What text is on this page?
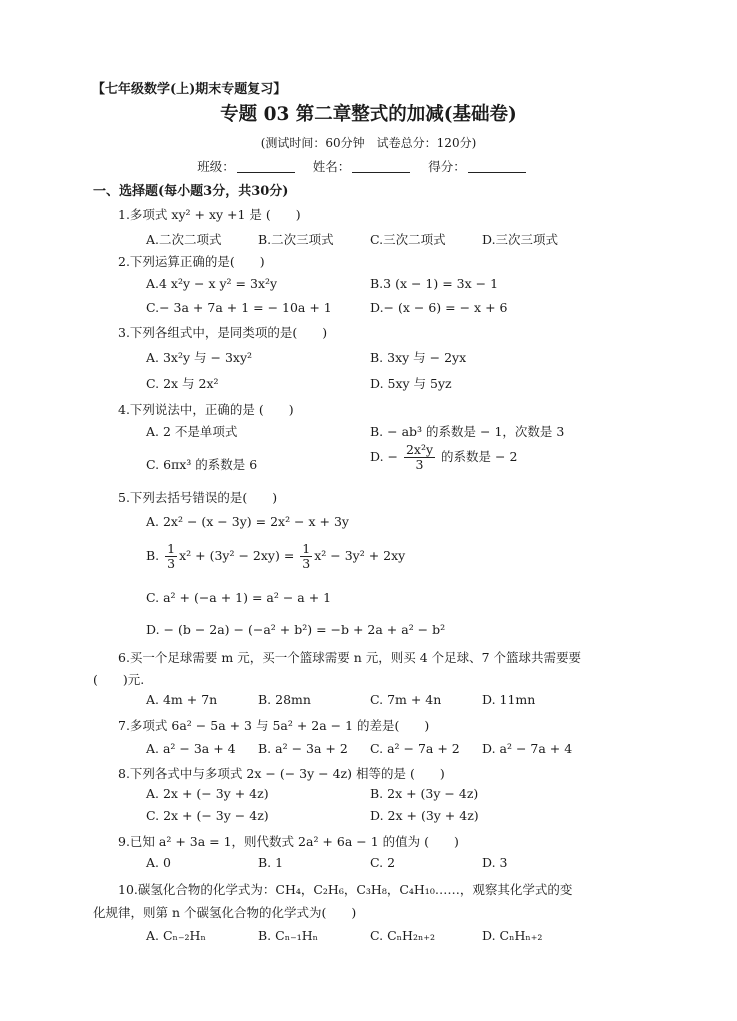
【七年级数学(上)期末专题复习】
专题 03 第二章整式的加减(基础卷)
(测试时间：60分钟　试卷总分：120分)
班级：	姓名：	得分：
一、选择题(每小题3分，共30分)
1.多项式 xy² + xy +1 是 (　　)
A.二次二项式	B.二次三项式	C.三次二项式	D.三次三项式
2.下列运算正确的是(　　)
A.4 x²y − x y² = 3x²y	B.3 (x − 1) = 3x − 1
C.− 3a + 7a + 1 = − 10a + 1	D.− (x − 6) = − x + 6
3.下列各组式中，是同类项的是(　　)
A. 3x²y 与 − 3xy²	B. 3xy 与 − 2yx
C. 2x 与 2x²	D. 5xy 与 5yz
4.下列说法中，正确的是 (　　)
A. 2 不是单项式	B. − ab³ 的系数是 − 1，次数是 3
C. 6πx³ 的系数是 6
D. − $\frac{\text{2x²y}}{3}$ 的系数是 − 2
5.下列去括号错误的是(　　)
A. 2x² − (x − 3y) = 2x² − x + 3y
B. $\frac{1}{3} x^2 + (3y^2 - 2xy) = \frac{1}{3} x^2 - 3y^2 + 2xy$
C. a² + (−a + 1) = a² − a + 1
D. − (b − 2a) − (−a² + b²) = −b + 2a + a² − b²
6.买一个足球需要 m 元，买一个篮球需要 n 元，则买 4 个足球、7 个篮球共需要要
(　　)元.
A. 4m + 7n	B. 28mn	C. 7m + 4n	D. 11mn
7.多项式 6a² − 5a + 3 与 5a² + 2a − 1 的差是(　　)
A. a² − 3a + 4 B. a² − 3a + 2 C. a² − 7a + 2 D. a² − 7a + 4
8.下列各式中与多项式 2x − (− 3y − 4z) 相等的是 (　　)
A. 2x + (− 3y + 4z)	B. 2x + (3y − 4z)
C. 2x + (− 3y − 4z)	D. 2x + (3y + 4z)
9.已知 a² + 3a = 1，则代数式 2a² + 6a − 1 的值为 (　　)
A. 0	B. 1	C. 2	D. 3
10.碳氢化合物的化学式为：CH₄，C₂H₆，C₃H₈，C₄H₁₀……，观察其化学式的变
化规律，则第 n 个碳氢化合物的化学式为(　　)
A. Cₙ₋₂Hₙ	B. Cₙ₋₁Hₙ	C. CₙH₂ₙ₊₂	D. CₙHₙ₊₂
